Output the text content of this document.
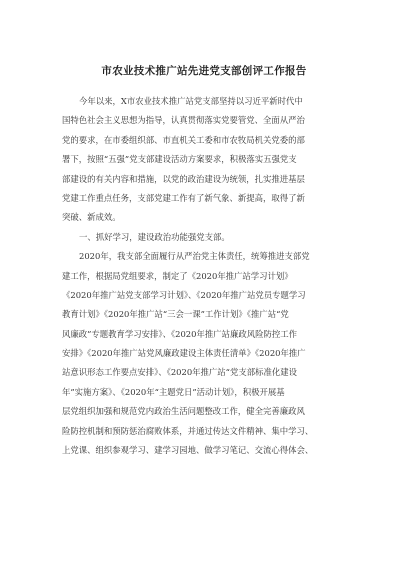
市农业技术推广站先进党支部创评工作报告
今年以来，X市农业技术推广站党支部坚持以习近平新时代中
国特色社会主义思想为指导，认真贯彻落实党要管党、全面从严治
党的要求，在市委组织部、市直机关工委和市农牧局机关党委的部
署下，按照“五强”党支部建设活动方案要求，积极落实五强党支
部建设的有关内容和措施，以党的政治建设为统领，扎实推进基层
党建工作重点任务，支部党建工作有了新气象、新提高，取得了新
突破、新成效。
一、抓好学习，建设政治功能强党支部。
2020年，我支部全面履行从严治党主体责任，统筹推进支部党
建工作，根据局党组要求，制定了《2020年推广站学习计划》
《2020年推广站党支部学习计划》、《2020年推广站党员专题学习
教育计划》《2020年推广站“三会一课”工作计划》《推广站“党
风廉政”专题教育学习安排》、《2020年推广站廉政风险防控工作
安排》《2020年推广站党风廉政建设主体责任清单》《2020年推广
站意识形态工作要点安排》、《2020年推广站“党支部标准化建设
年”实施方案》、《2020年“主题党日”活动计划》，积极开展基
层党组织加强和规范党内政治生活问题整改工作，健全完善廉政风
险防控机制和预防惩治腐败体系，并通过传达文件精神、集中学习、
上党课、组织参观学习、建学习园地、做学习笔记、交流心得体会、
